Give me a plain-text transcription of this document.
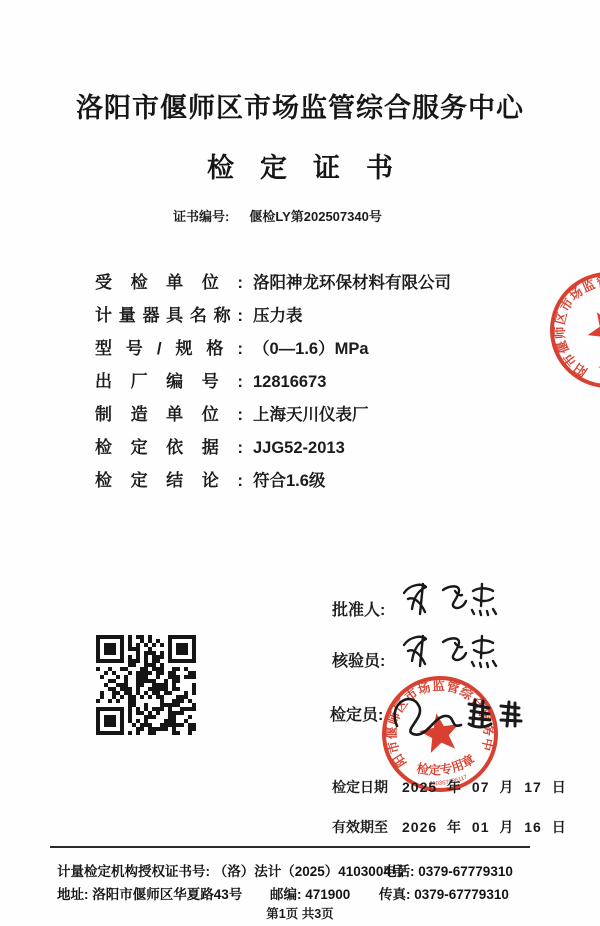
洛阳市偃师区市场监管综合服务中心
检定证书
证书编号: 偃检LY第202507340号
受检单位: 洛阳神龙环保材料有限公司
计量器具名称: 压力表
型号/规格: （0—1.6）MPa
出厂编号: 12816673
制造单位: 上海天川仪表厂
检定依据: JJG52-2013
检定结论: 符合1.6级
批准人:
核验员:
检定员:
检定日期 2025 年 07 月 17 日
有效期至 2026 年 01 月 16 日
计量检定机构授权证书号: （洛）法计（2025）4103004号
电话: 0379-67779310
地址: 洛阳市偃师区华夏路43号 邮编: 471900 传真: 0379-67779310
第1页 共3页
